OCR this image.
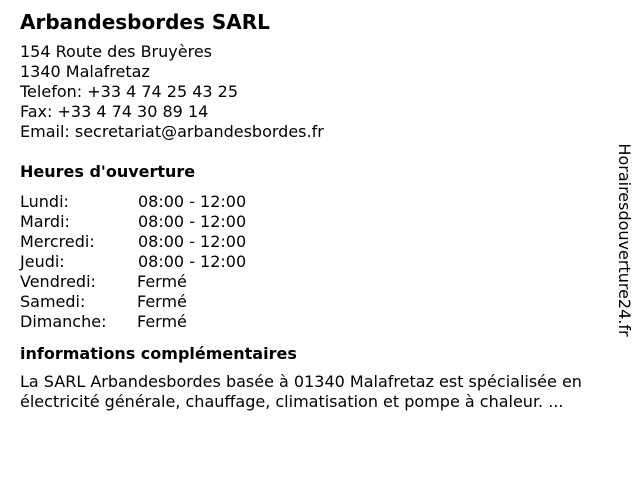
Arbandesbordes SARL
154 Route des Bruyères
1340 Malafretaz
Telefon: +33 4 74 25 43 25
Fax: +33 4 74 30 89 14
Email: secretariat@arbandesbordes.fr
Heures d'ouverture
Lundi:	08:00 - 12:00
Mardi:	08:00 - 12:00
Mercredi:	08:00 - 12:00
Jeudi:	08:00 - 12:00
Vendredi:	Fermé
Samedi:	Fermé
Dimanche: Fermé
informations complémentaires

La SARL Arbandesbordes basée à 01340 Malafretaz est spécialisée en électricité générale, chauffage, climatisation et pompe à chaleur. ...

Horairesdouverture24.fr
